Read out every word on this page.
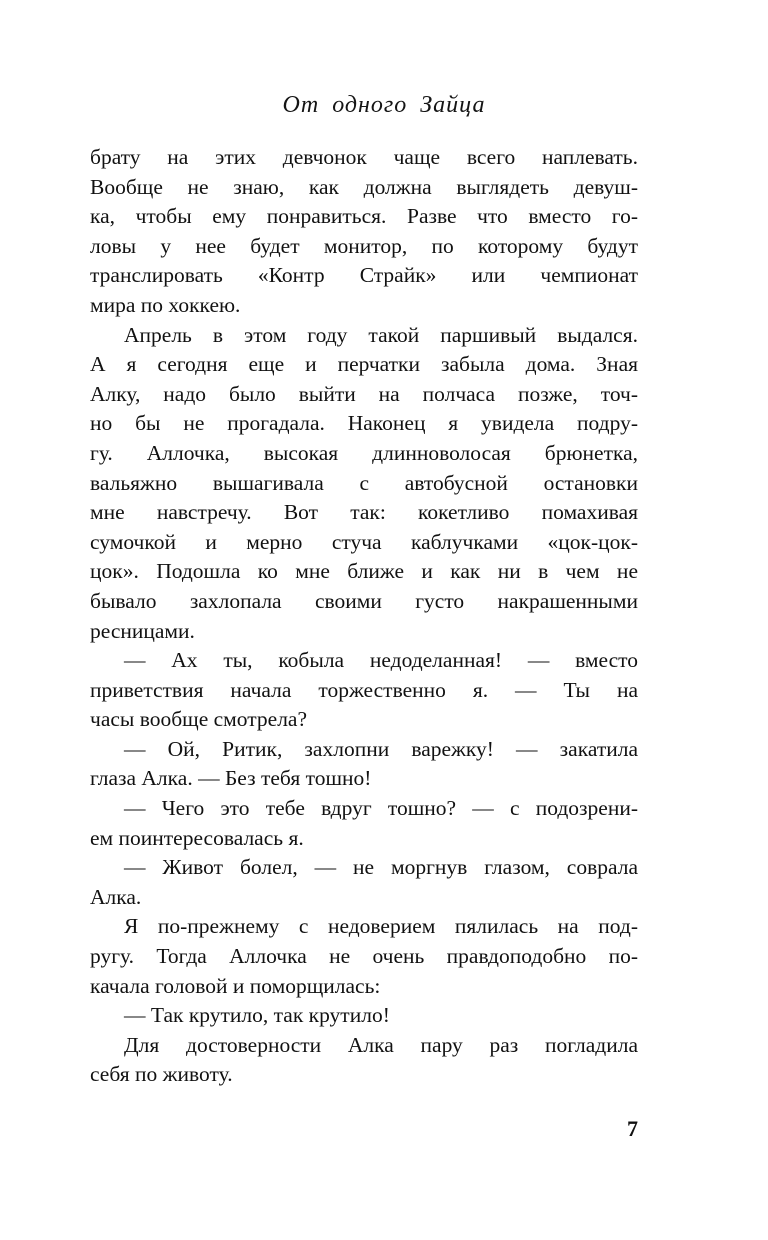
От одного Зайца
брату на этих девчонок чаще всего наплевать.
Вообще не знаю, как должна выглядеть девуш-
ка, чтобы ему понравиться. Разве что вместо го-
ловы у нее будет монитор, по которому будут
транслировать «Контр Страйк» или чемпионат
мира по хоккею.
Апрель в этом году такой паршивый выдался.
А я сегодня еще и перчатки забыла дома. Зная
Алку, надо было выйти на полчаса позже, точ-
но бы не прогадала. Наконец я увидела подру-
гу. Аллочка, высокая длинноволосая брюнетка,
вальяжно вышагивала с автобусной остановки
мне навстречу. Вот так: кокетливо помахивая
сумочкой и мерно стуча каблучками «цок-цок-
цок». Подошла ко мне ближе и как ни в чем не
бывало захлопала своими густо накрашенными
ресницами.
— Ах ты, кобыла недоделанная! — вместо
приветствия начала торжественно я. — Ты на
часы вообще смотрела?
— Ой, Ритик, захлопни варежку! — закатила
глаза Алка. — Без тебя тошно!
— Чего это тебе вдруг тошно? — с подозрени-
ем поинтересовалась я.
— Живот болел, — не моргнув глазом, соврала
Алка.
Я по-прежнему с недоверием пялилась на под-
ругу. Тогда Аллочка не очень правдоподобно по-
качала головой и поморщилась:
— Так крутило, так крутило!
Для достоверности Алка пару раз погладила
себя по животу.
7
